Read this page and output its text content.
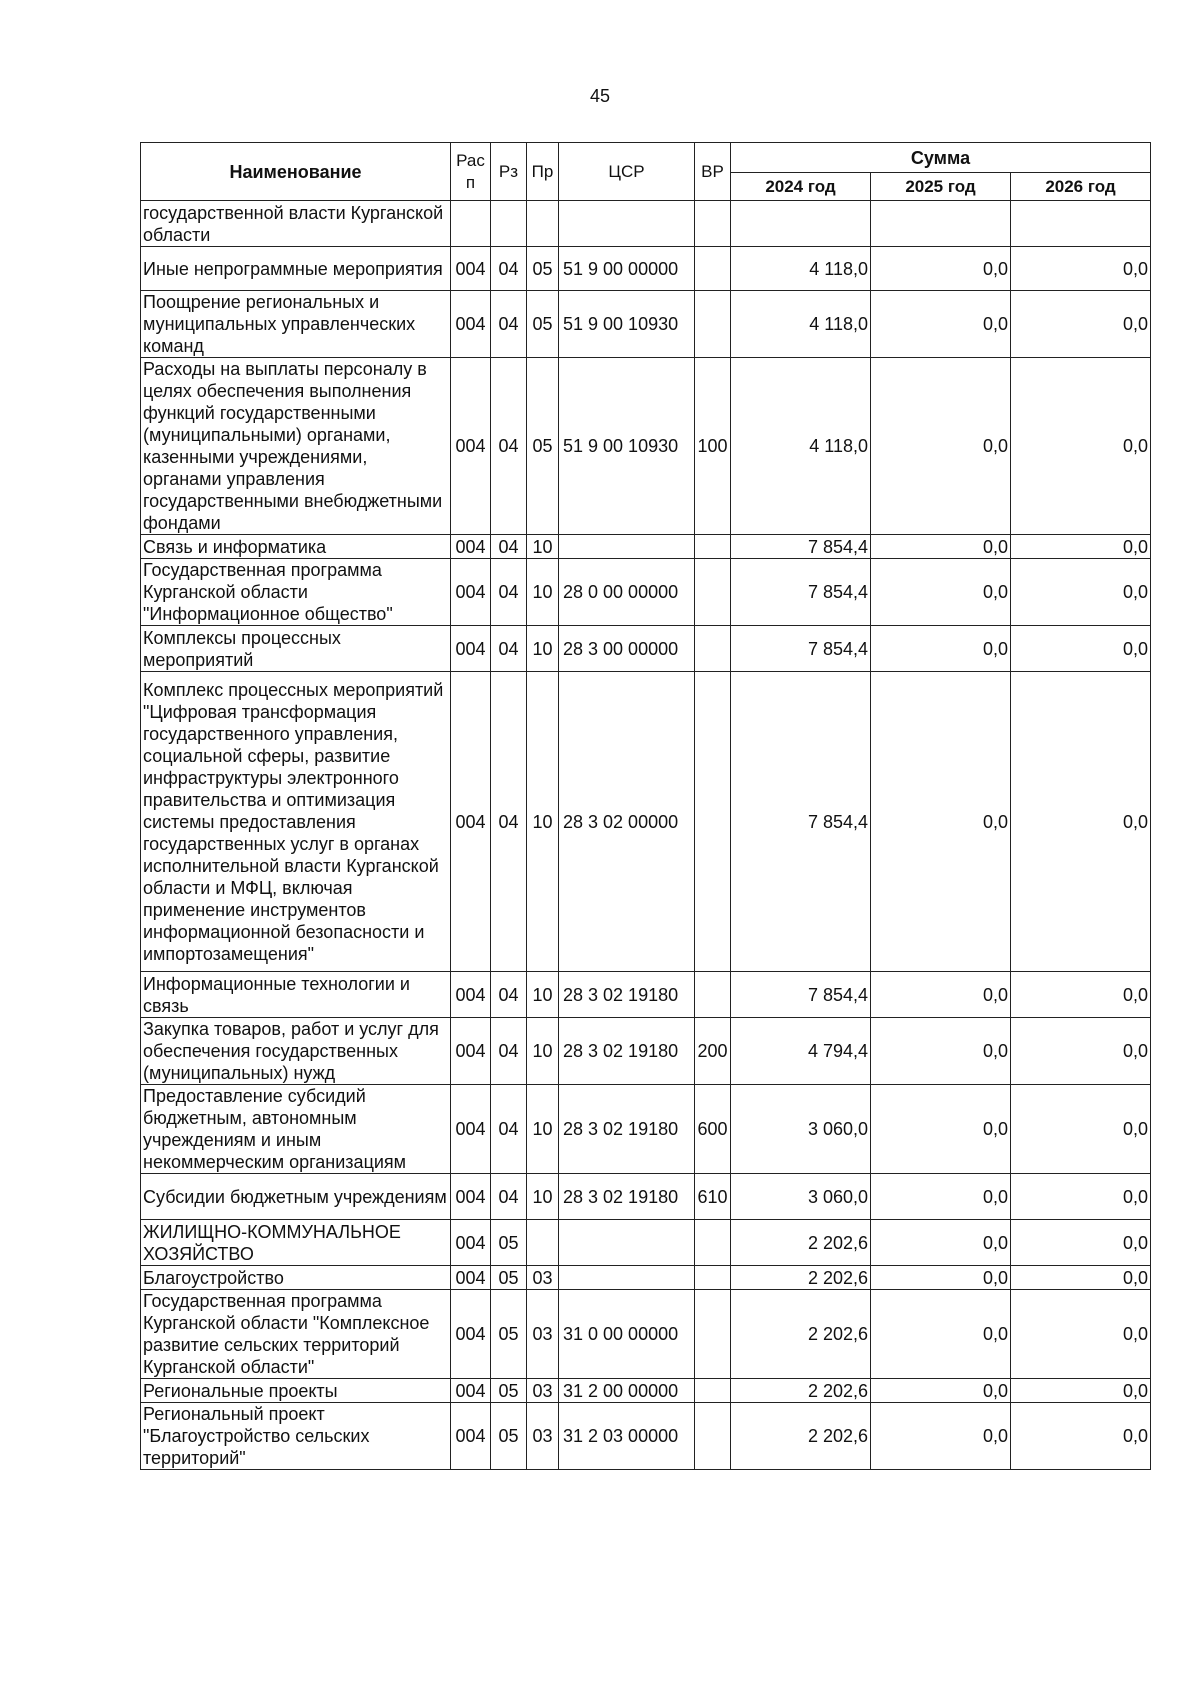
45
Наименование	Рас п	Рз	Пр	ЦСР	ВР	Сумма		
						2024 год	2025 год	2026 год
государственной власти Курганской области								
Иные непрограммные мероприятия	004	04	05	51 9 00 00000		4 118,0	0,0	0,0
Поощрение региональных и муниципальных управленческих команд	004	04	05	51 9 00 10930		4 118,0	0,0	0,0
Расходы на выплаты персоналу в целях обеспечения выполнения функций государственными (муниципальными) органами, казенными учреждениями, органами управления государственными внебюджетными фондами	004	04	05	51 9 00 10930	100	4 118,0	0,0	0,0
Связь и информатика	004	04	10			7 854,4	0,0	0,0
Государственная программа Курганской области "Информационное общество"	004	04	10	28 0 00 00000		7 854,4	0,0	0,0
Комплексы процессных мероприятий	004	04	10	28 3 00 00000		7 854,4	0,0	0,0
Комплекс процессных мероприятий "Цифровая трансформация государственного управления, социальной сферы, развитие инфраструктуры электронного правительства и оптимизация системы предоставления государственных услуг в органах исполнительной власти Курганской области и МФЦ, включая применение инструментов информационной безопасности и импортозамещения"	004	04	10	28 3 02 00000		7 854,4	0,0	0,0
Информационные технологии и связь	004	04	10	28 3 02 19180		7 854,4	0,0	0,0
Закупка товаров, работ и услуг для обеспечения государственных (муниципальных) нужд	004	04	10	28 3 02 19180	200	4 794,4	0,0	0,0
Предоставление субсидий бюджетным, автономным учреждениям и иным некоммерческим организациям	004	04	10	28 3 02 19180	600	3 060,0	0,0	0,0
Субсидии бюджетным учреждениям	004	04	10	28 3 02 19180	610	3 060,0	0,0	0,0
ЖИЛИЩНО-КОММУНАЛЬНОЕ ХОЗЯЙСТВО	004	05				2 202,6	0,0	0,0
Благоустройство	004	05	03			2 202,6	0,0	0,0
Государственная программа Курганской области "Комплексное развитие сельских территорий Курганской области"	004	05	03	31 0 00 00000		2 202,6	0,0	0,0
Региональные проекты	004	05	03	31 2 00 00000		2 202,6	0,0	0,0
Региональный проект "Благоустройство сельских территорий"	004	05	03	31 2 03 00000		2 202,6	0,0	0,0
